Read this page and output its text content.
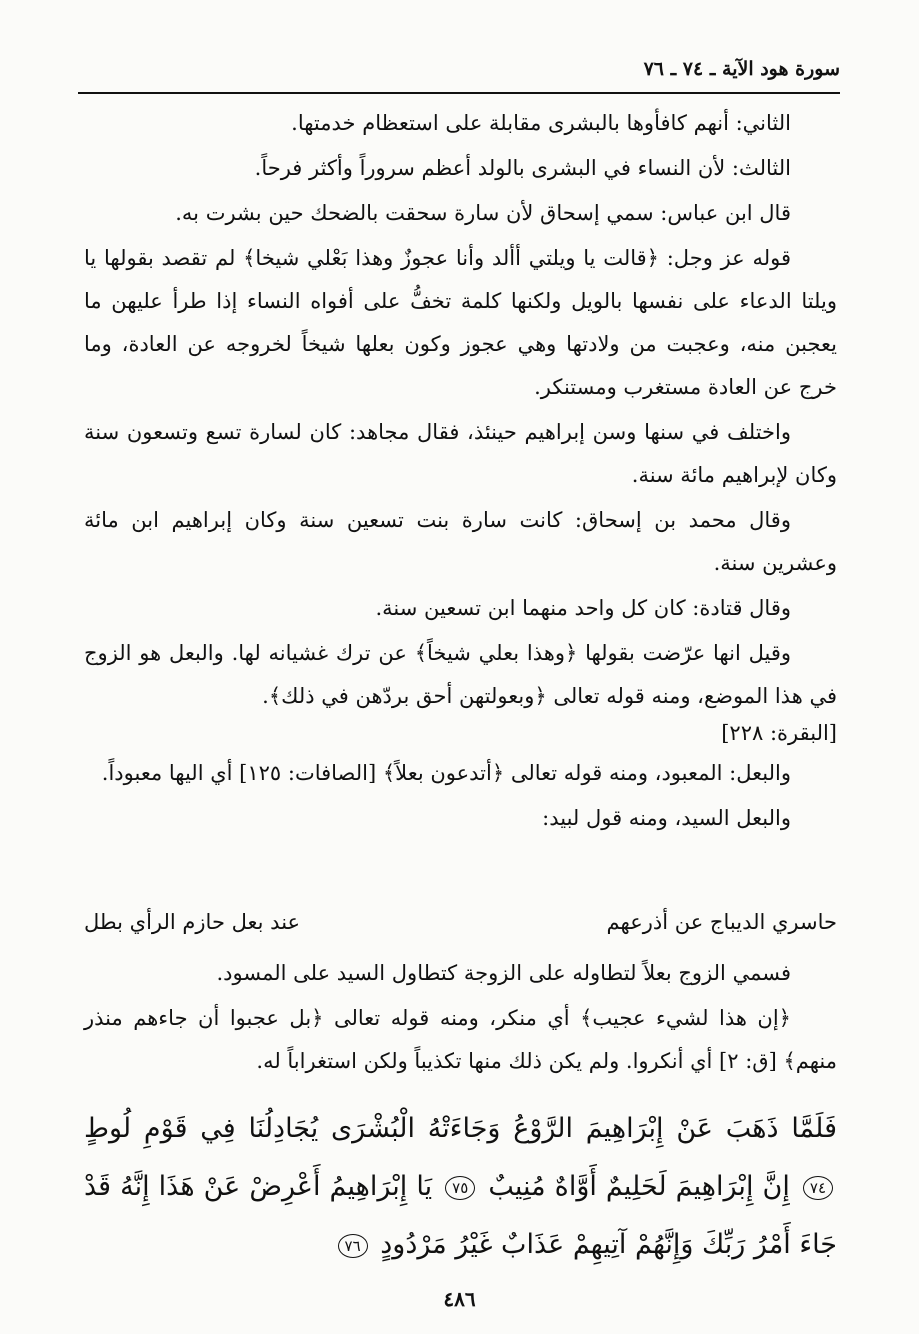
سورة هود الآية ـ ٧٤ ـ ٧٦

الثاني: أنهم كافأوها بالبشرى مقابلة على استعظام خدمتها.

الثالث: لأن النساء في البشرى بالولد أعظم سروراً وأكثر فرحاً.

قال ابن عباس: سمي إسحاق لأن سارة سحقت بالضحك حين بشرت به.

قوله عز وجل: ﴿قالت يا ويلتي أألد وأنا عجوزٌ وهذا بَعْلي شيخا﴾ لم تقصد بقولها يا ويلتا الدعاء على نفسها بالويل ولكنها كلمة تخفُّ على أفواه النساء إذا طرأ عليهن ما يعجبن منه، وعجبت من ولادتها وهي عجوز وكون بعلها شيخاً لخروجه عن العادة، وما خرج عن العادة مستغرب ومستنكر.

واختلف في سنها وسن إبراهيم حينئذ، فقال مجاهد: كان لسارة تسع وتسعون سنة وكان لإبراهيم مائة سنة.

وقال محمد بن إسحاق: كانت سارة بنت تسعين سنة وكان إبراهيم ابن مائة وعشرين سنة.

وقال قتادة: كان كل واحد منهما ابن تسعين سنة.

وقيل انها عرّضت بقولها ﴿وهذا بعلي شيخاً﴾ عن ترك غشيانه لها. والبعل هو الزوج في هذا الموضع، ومنه قوله تعالى ﴿وبعولتهن أحق بردّهن في ذلك﴾.

[البقرة: ٢٢٨]

والبعل: المعبود، ومنه قوله تعالى ﴿أتدعون بعلاً﴾ [الصافات: ١٢٥] أي اليها معبوداً.

والبعل السيد، ومنه قول لبيد:

حاسري الديباج عن أذرعهم
عند بعل حازم الرأي بطل

فسمي الزوج بعلاً لتطاوله على الزوجة كتطاول السيد على المسود.

﴿إن هذا لشيء عجيب﴾ أي منكر، ومنه قوله تعالى ﴿بل عجبوا أن جاءهم منذر منهم﴾ [ق: ٢] أي أنكروا. ولم يكن ذلك منها تكذيباً ولكن استغراباً له.

فَلَمَّا ذَهَبَ عَنْ إِبْرَاهِيمَ الرَّوْعُ وَجَاءَتْهُ الْبُشْرَى يُجَادِلُنَا فِي قَوْمِ لُوطٍ ٧٤ إِنَّ إِبْرَاهِيمَ لَحَلِيمٌ أَوَّاهٌ مُنِيبٌ ٧٥ يَا إِبْرَاهِيمُ أَعْرِضْ عَنْ هَذَا إِنَّهُ قَدْ جَاءَ أَمْرُ رَبِّكَ وَإِنَّهُمْ آتِيهِمْ عَذَابٌ غَيْرُ مَرْدُودٍ ٧٦
٤٨٦
